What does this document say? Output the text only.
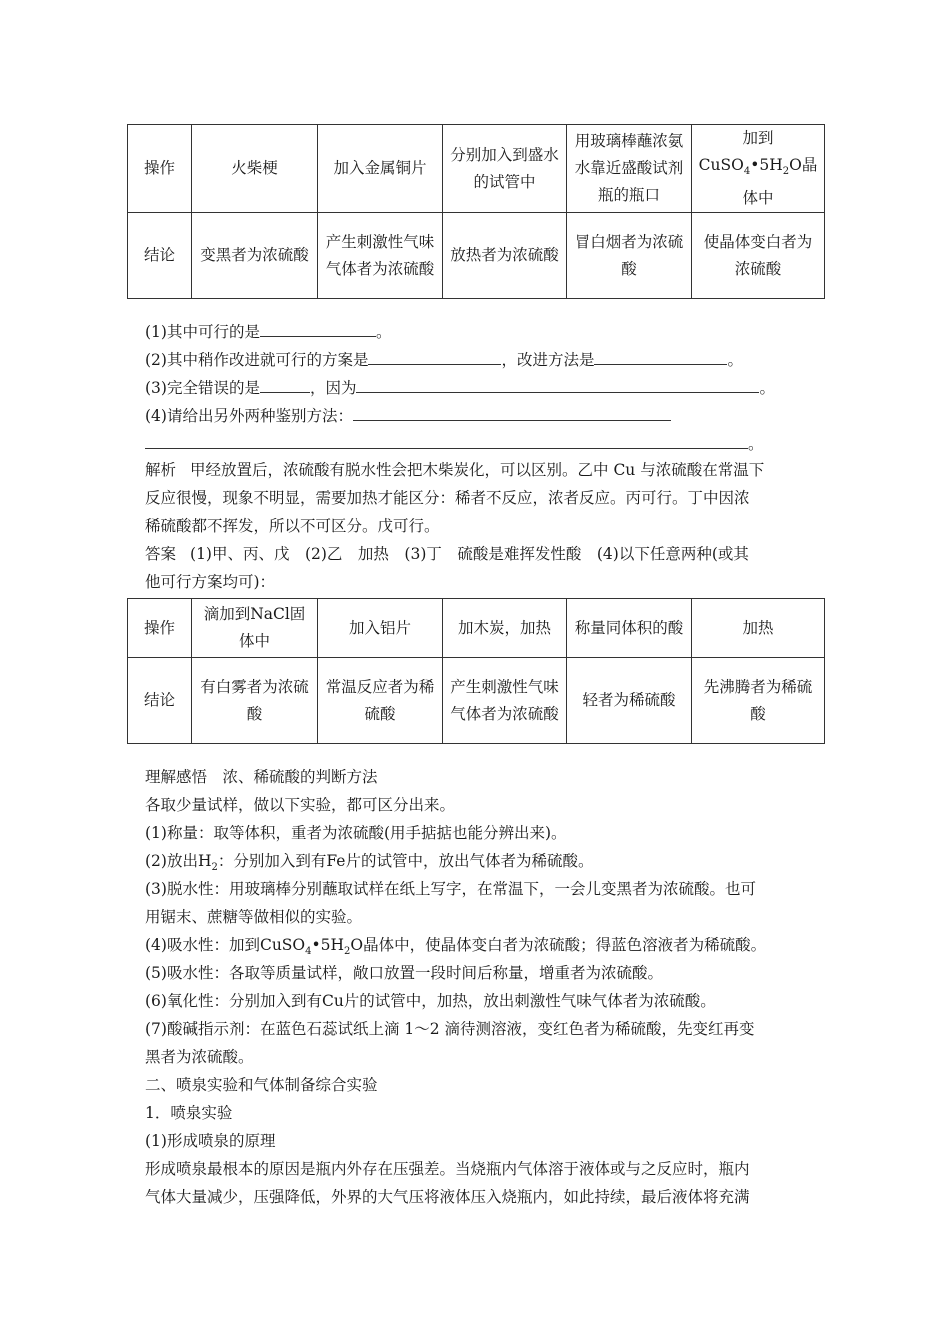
操作	火柴梗	加入金属铜片	分别加入到盛水的试管中	用玻璃棒蘸浓氨水靠近盛酸试剂瓶的瓶口	加到
$CuSO_4•5H_2O$晶体中
结论	变黑者为浓硫酸	产生刺激性气味气体者为浓硫酸	放热者为浓硫酸	冒白烟者为浓硫酸	使晶体变白者为浓硫酸
(1)其中可行的是	。
(2)其中稍作改进就可行的方案是	，改进方法是	。
(3)完全错误的是	，因为	。
(4)请给出另外两种鉴别方法：
。
解析 甲经放置后，浓硫酸有脱水性会把木柴炭化，可以区别。乙中 Cu 与浓硫酸在常温下
反应很慢，现象不明显，需要加热才能区分：稀者不反应，浓者反应。丙可行。丁中因浓
稀硫酸都不挥发，所以不可区分。戊可行。
答案 (1)甲、丙、戊　(2)乙　加热　(3)丁　硫酸是难挥发性酸　(4)以下任意两种(或其
他可行方案均可)：
操作	滴加到NaCl固体中	加入铝片	加木炭，加热	称量同体积的酸	加热
结论	有白雾者为浓硫酸	常温反应者为稀硫酸	产生刺激性气味气体者为浓硫酸	轻者为稀硫酸	先沸腾者为稀硫酸
理解感悟　浓、稀硫酸的判断方法
各取少量试样，做以下实验，都可区分出来。
(1)称量：取等体积，重者为浓硫酸(用手掂掂也能分辨出来)。
(2)放出$H_2$：分别加入到有Fe片的试管中，放出气体者为稀硫酸。
(3)脱水性：用玻璃棒分别蘸取试样在纸上写字，在常温下，一会儿变黑者为浓硫酸。也可
用锯末、蔗糖等做相似的实验。
(4)吸水性：加到$CuSO_4•5H_2O$晶体中，使晶体变白者为浓硫酸；得蓝色溶液者为稀硫酸。
(5)吸水性：各取等质量试样，敞口放置一段时间后称量，增重者为浓硫酸。
(6)氧化性：分别加入到有Cu片的试管中，加热，放出刺激性气味气体者为浓硫酸。
(7)酸碱指示剂：在蓝色石蕊试纸上滴 1～2 滴待测溶液，变红色者为稀硫酸，先变红再变
黑者为浓硫酸。
二、喷泉实验和气体制备综合实验
1．喷泉实验
(1)形成喷泉的原理
形成喷泉最根本的原因是瓶内外存在压强差。当烧瓶内气体溶于液体或与之反应时，瓶内
气体大量减少，压强降低，外界的大气压将液体压入烧瓶内，如此持续，最后液体将充满
